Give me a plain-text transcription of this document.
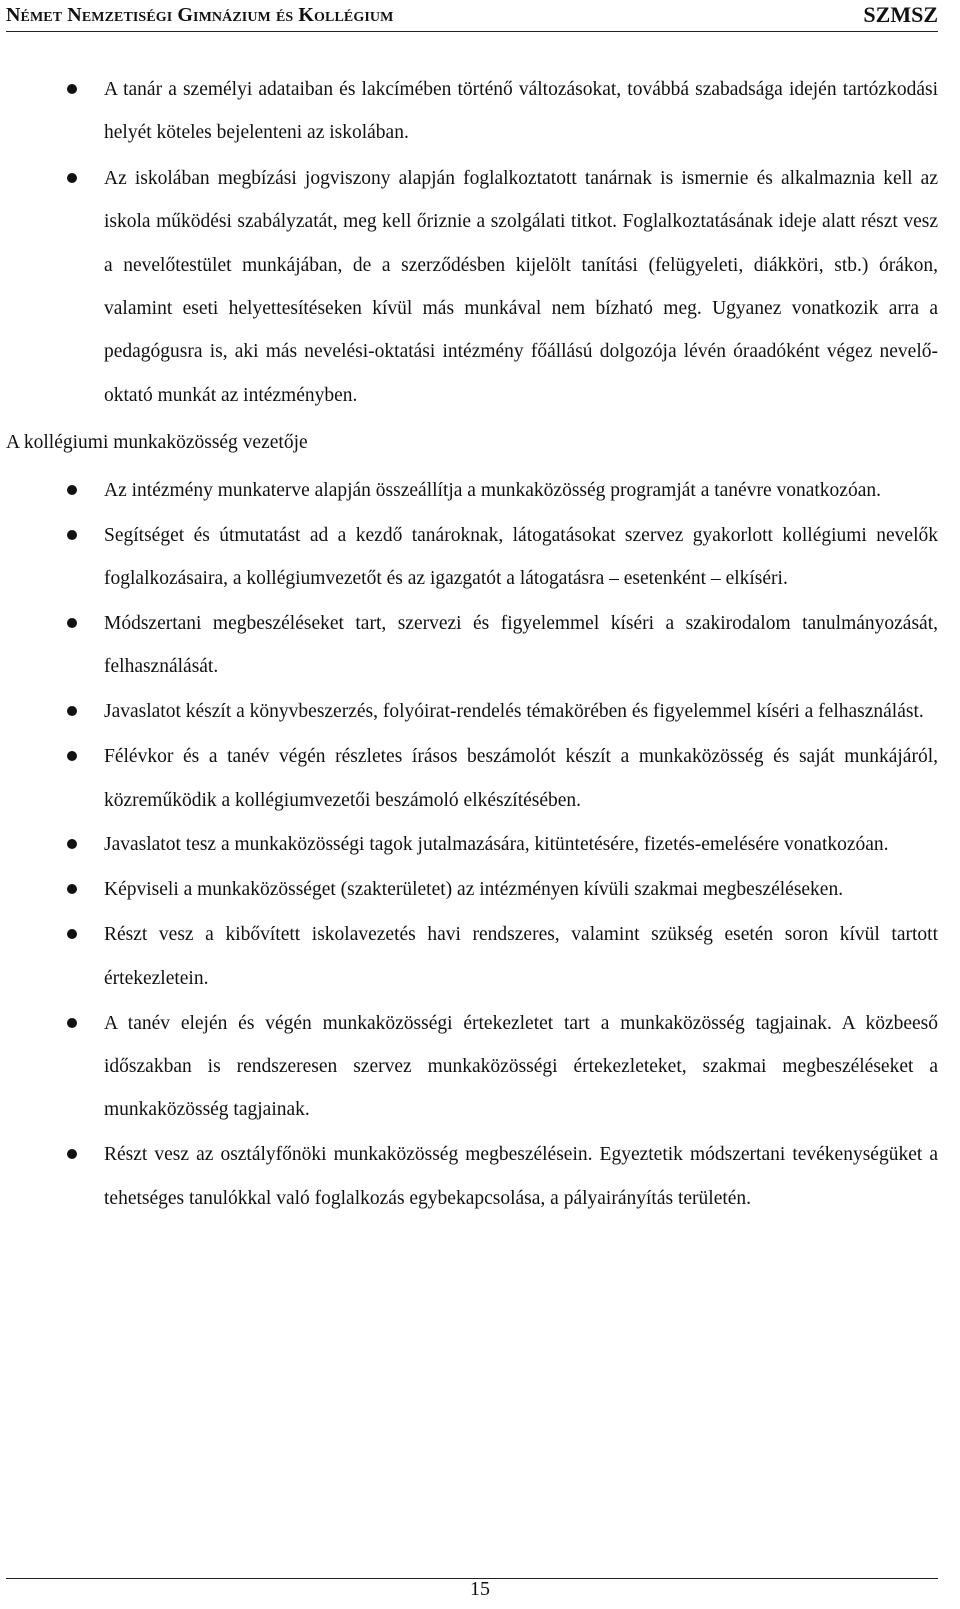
Német Nemzetiségi Gimnázium és Kollégium	SZMSZ
A tanár a személyi adataiban és lakcímében történő változásokat, továbbá szabadsága idején tartózkodási helyét köteles bejelenteni az iskolában.
Az iskolában megbízási jogviszony alapján foglalkoztatott tanárnak is ismernie és alkalmaznia kell az iskola működési szabályzatát, meg kell őriznie a szolgálati titkot. Foglalkoztatásának ideje alatt részt vesz a nevelőtestület munkájában, de a szerződésben kijelölt tanítási (felügyeleti, diákköri, stb.) órákon, valamint eseti helyettesítéseken kívül más munkával nem bízható meg. Ugyanez vonatkozik arra a pedagógusra is, aki más nevelési-oktatási intézmény főállású dolgozója lévén óraadóként végez nevelő-oktató munkát az intézményben.
A kollégiumi munkaközösség vezetője
Az intézmény munkaterve alapján összeállítja a munkaközösség programját a tanévre vonatkozóan.
Segítséget és útmutatást ad a kezdő tanároknak, látogatásokat szervez gyakorlott kollégiumi nevelők foglalkozásaira, a kollégiumvezetőt és az igazgatót a látogatásra – esetenként – elkíséri.
Módszertani megbeszéléseket tart, szervezi és figyelemmel kíséri a szakirodalom tanulmányozását, felhasználását.
Javaslatot készít a könyvbeszerzés, folyóirat-rendelés témakörében és figyelemmel kíséri a felhasználást.
Félévkor és a tanév végén részletes írásos beszámolót készít a munkaközösség és saját munkájáról, közreműködik a kollégiumvezetői beszámoló elkészítésében.
Javaslatot tesz a munkaközösségi tagok jutalmazására, kitüntetésére, fizetés-emelésére vonatkozóan.
Képviseli a munkaközösséget (szakterületet) az intézményen kívüli szakmai megbeszéléseken.
Részt vesz a kibővített iskolavezetés havi rendszeres, valamint szükség esetén soron kívül tartott értekezletein.
A tanév elején és végén munkaközösségi értekezletet tart a munkaközösség tagjainak. A közbeeső időszakban is rendszeresen szervez munkaközösségi értekezleteket, szakmai megbeszéléseket a munkaközösség tagjainak.
Részt vesz az osztályfőnöki munkaközösség megbeszélésein. Egyeztetik módszertani tevékenységüket a tehetséges tanulókkal való foglalkozás egybekapcsolása, a pályairányítás területén.
15
